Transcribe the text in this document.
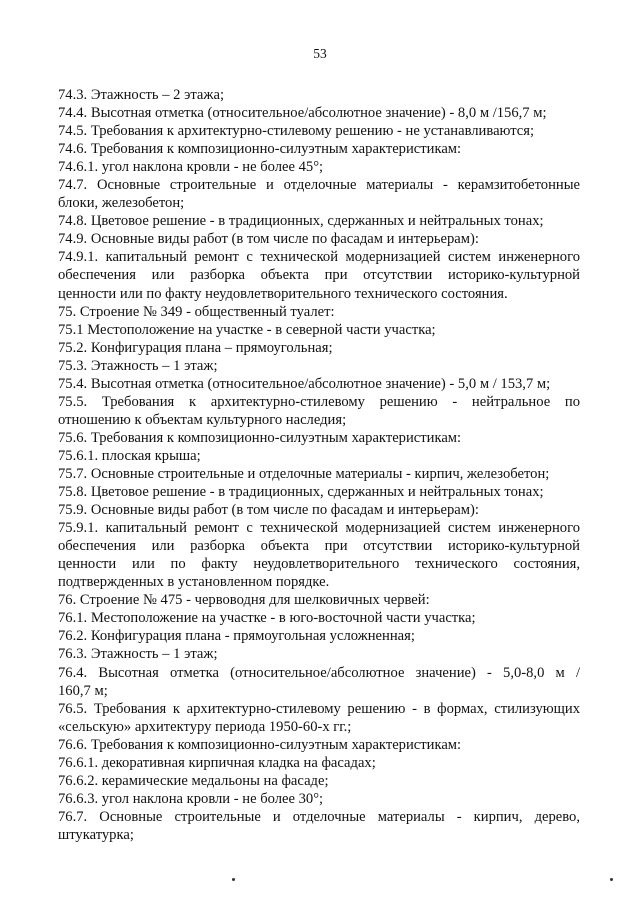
53
74.3. Этажность – 2 этажа;
74.4. Высотная отметка (относительное/абсолютное значение) - 8,0 м /156,7 м;
74.5. Требования к архитектурно-стилевому решению - не устанавливаются;
74.6. Требования к композиционно-силуэтным характеристикам:
74.6.1. угол наклона кровли - не более 45°;
74.7. Основные строительные и отделочные материалы - керамзитобетонные
блоки, железобетон;
74.8. Цветовое решение - в традиционных, сдержанных и нейтральных тонах;
74.9. Основные виды работ (в том числе по фасадам и интерьерам):
74.9.1. капитальный ремонт с технической модернизацией систем инженерного
обеспечения или разборка объекта при отсутствии историко-культурной
ценности или по факту неудовлетворительного технического состояния.
75. Строение № 349 - общественный туалет:
75.1 Местоположение на участке - в северной части участка;
75.2. Конфигурация плана – прямоугольная;
75.3. Этажность – 1 этаж;
75.4. Высотная отметка (относительное/абсолютное значение) - 5,0 м / 153,7 м;
75.5. Требования к архитектурно-стилевому решению - нейтральное по
отношению к объектам культурного наследия;
75.6. Требования к композиционно-силуэтным характеристикам:
75.6.1. плоская крыша;
75.7. Основные строительные и отделочные материалы - кирпич, железобетон;
75.8. Цветовое решение - в традиционных, сдержанных и нейтральных тонах;
75.9. Основные виды работ (в том числе по фасадам и интерьерам):
75.9.1. капитальный ремонт с технической модернизацией систем инженерного
обеспечения или разборка объекта при отсутствии историко-культурной
ценности или по факту неудовлетворительного технического состояния,
подтвержденных в установленном порядке.
76. Строение № 475 - червоводня для шелковичных червей:
76.1. Местоположение на участке - в юго-восточной части участка;
76.2. Конфигурация плана - прямоугольная усложненная;
76.3. Этажность – 1 этаж;
76.4. Высотная отметка (относительное/абсолютное значение) - 5,0-8,0 м /
160,7 м;
76.5. Требования к архитектурно-стилевому решению - в формах, стилизующих
«сельскую» архитектуру периода 1950-60-х гг.;
76.6. Требования к композиционно-силуэтным характеристикам:
76.6.1. декоративная кирпичная кладка на фасадах;
76.6.2. керамические медальоны на фасаде;
76.6.3. угол наклона кровли - не более 30°;
76.7. Основные строительные и отделочные материалы - кирпич, дерево,
штукатурка;
